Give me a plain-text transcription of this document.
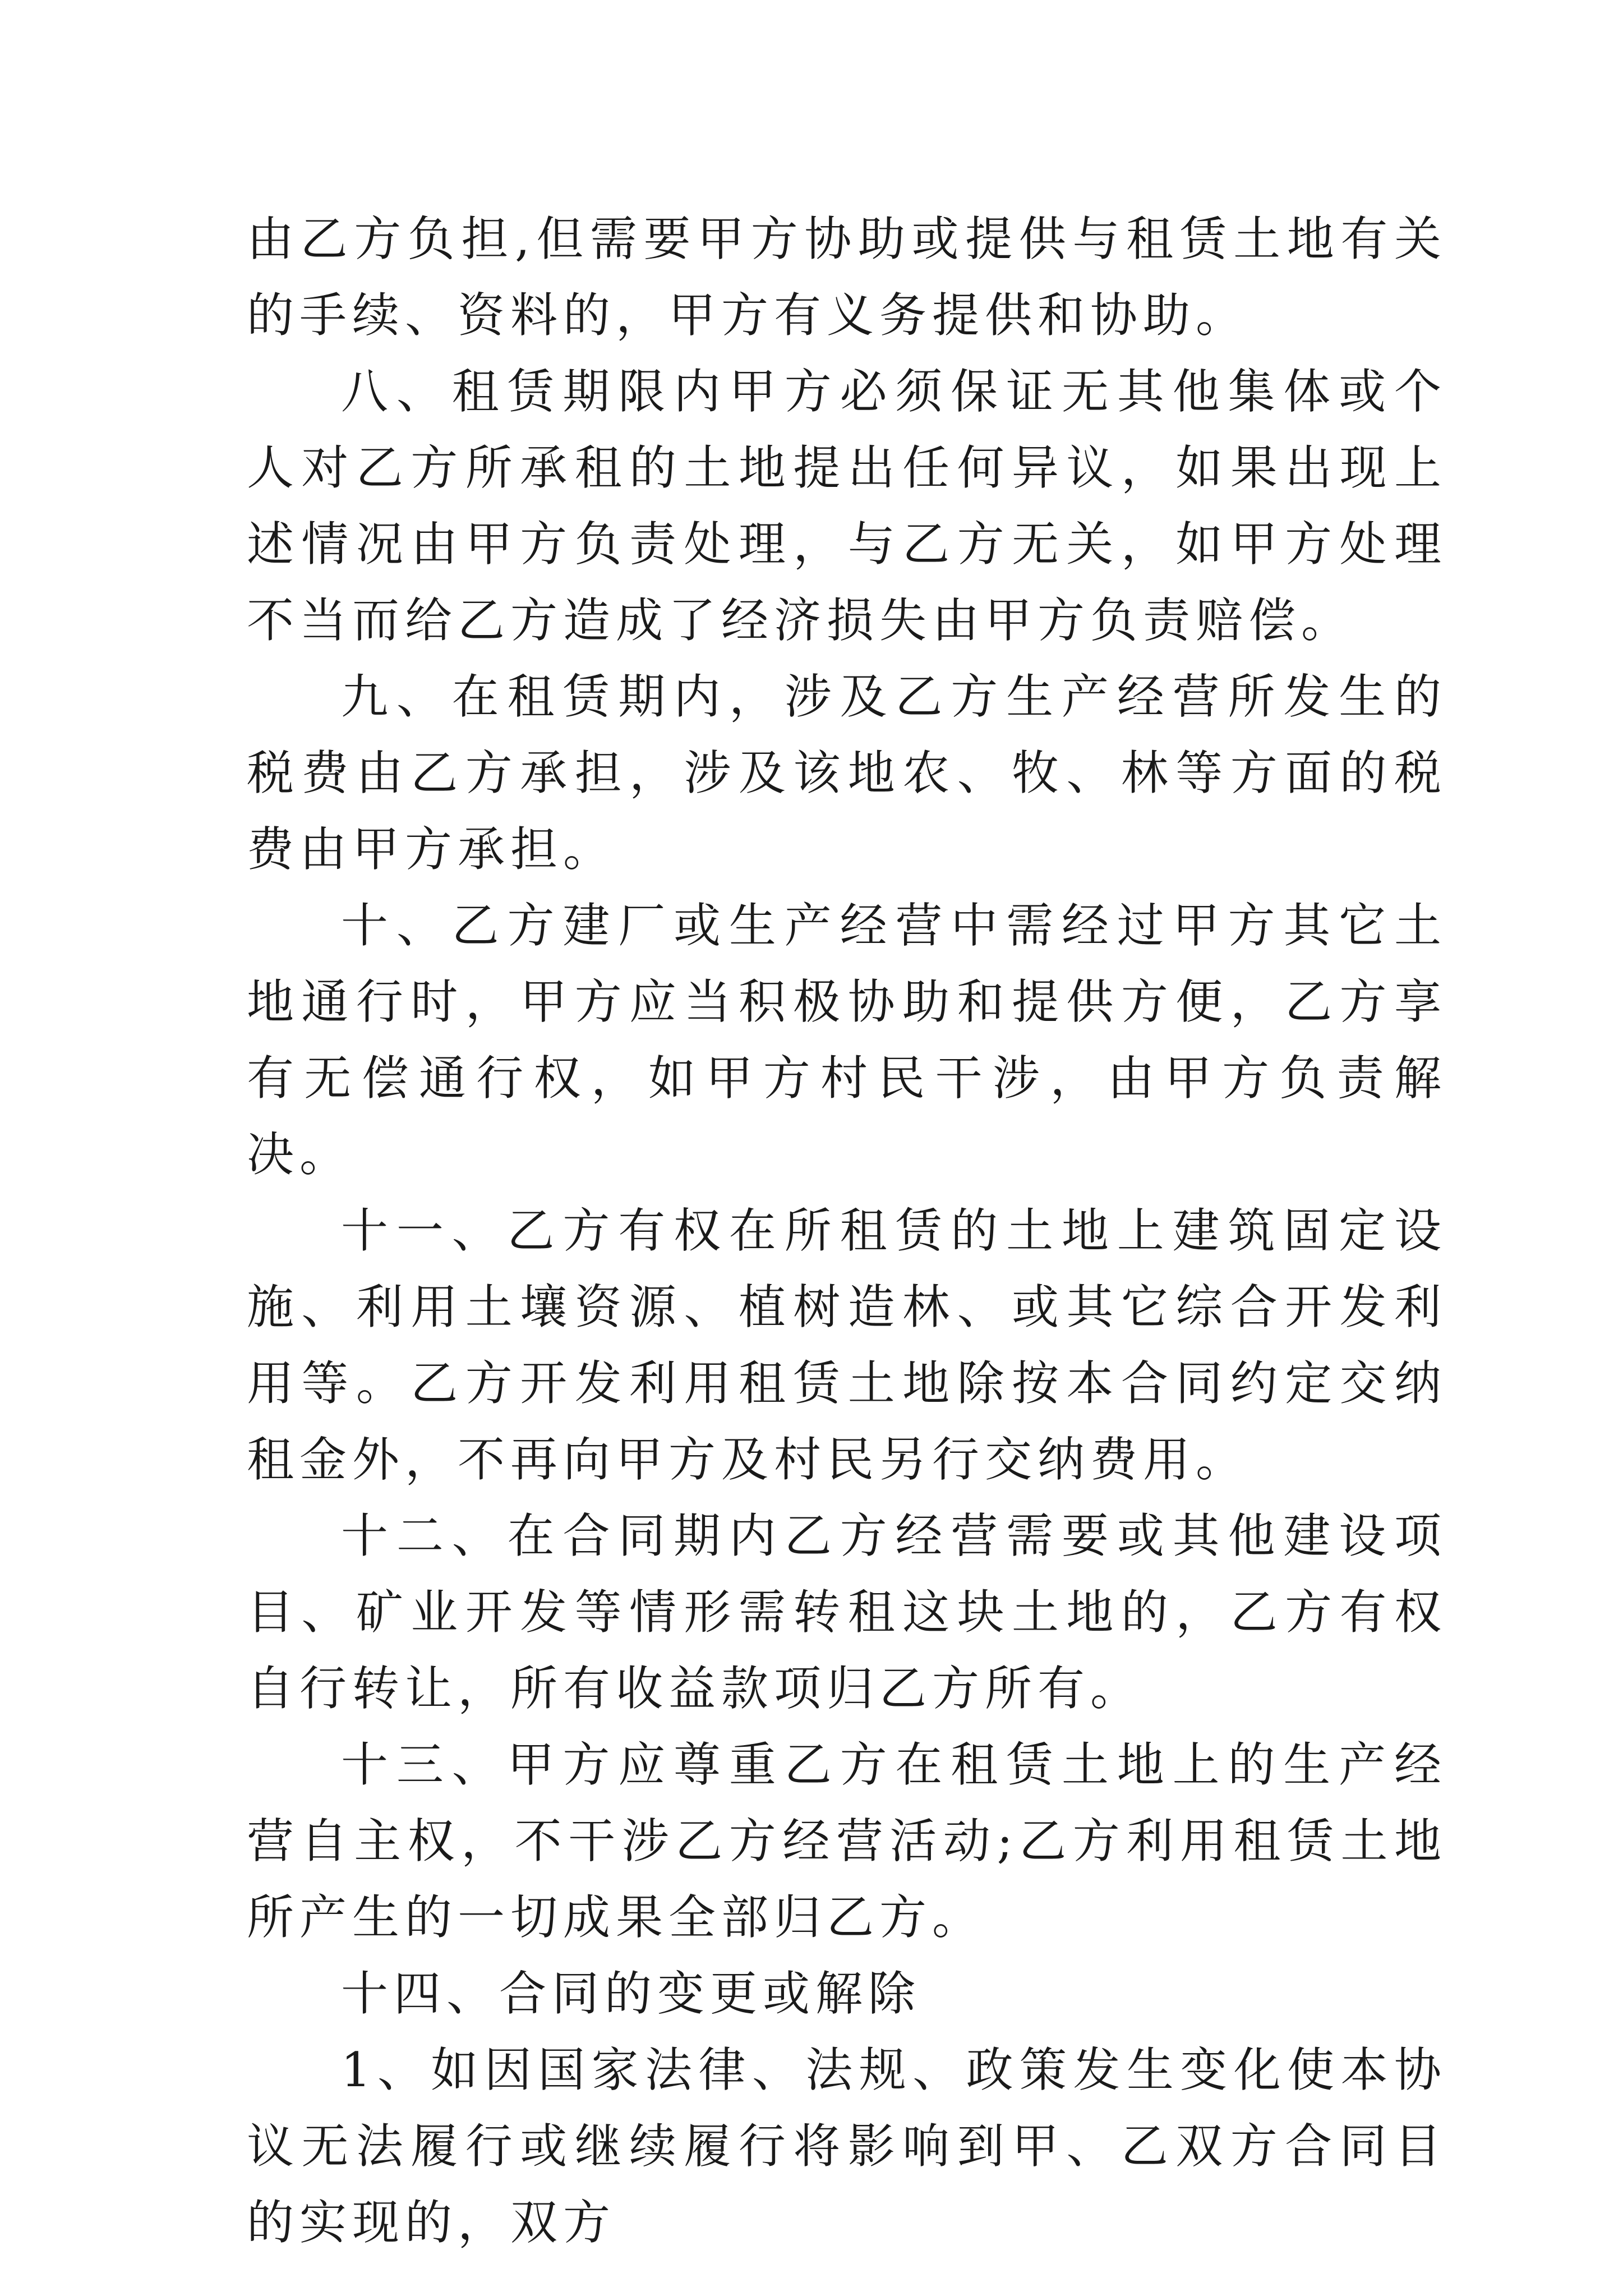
由乙方负担,但需要甲方协助或提供与租赁土地有关的手续、资料的，甲方有义务提供和协助。

八、租赁期限内甲方必须保证无其他集体或个人对乙方所承租的土地提出任何异议，如果出现上述情况由甲方负责处理，与乙方无关，如甲方处理不当而给乙方造成了经济损失由甲方负责赔偿。

九、在租赁期内，涉及乙方生产经营所发生的税费由乙方承担，涉及该地农、牧、林等方面的税费由甲方承担。

十、乙方建厂或生产经营中需经过甲方其它土地通行时，甲方应当积极协助和提供方便，乙方享有无偿通行权，如甲方村民干涉，由甲方负责解决。

十一、乙方有权在所租赁的土地上建筑固定设施、利用土壤资源、植树造林、或其它综合开发利用等。乙方开发利用租赁土地除按本合同约定交纳租金外，不再向甲方及村民另行交纳费用。

十二、在合同期内乙方经营需要或其他建设项目、矿业开发等情形需转租这块土地的，乙方有权自行转让，所有收益款项归乙方所有。

十三、甲方应尊重乙方在租赁土地上的生产经营自主权，不干涉乙方经营活动;乙方利用租赁土地所产生的一切成果全部归乙方。

十四、合同的变更或解除

1、如因国家法律、法规、政策发生变化使本协议无法履行或继续履行将影响到甲、乙双方合同目的实现的，双方
